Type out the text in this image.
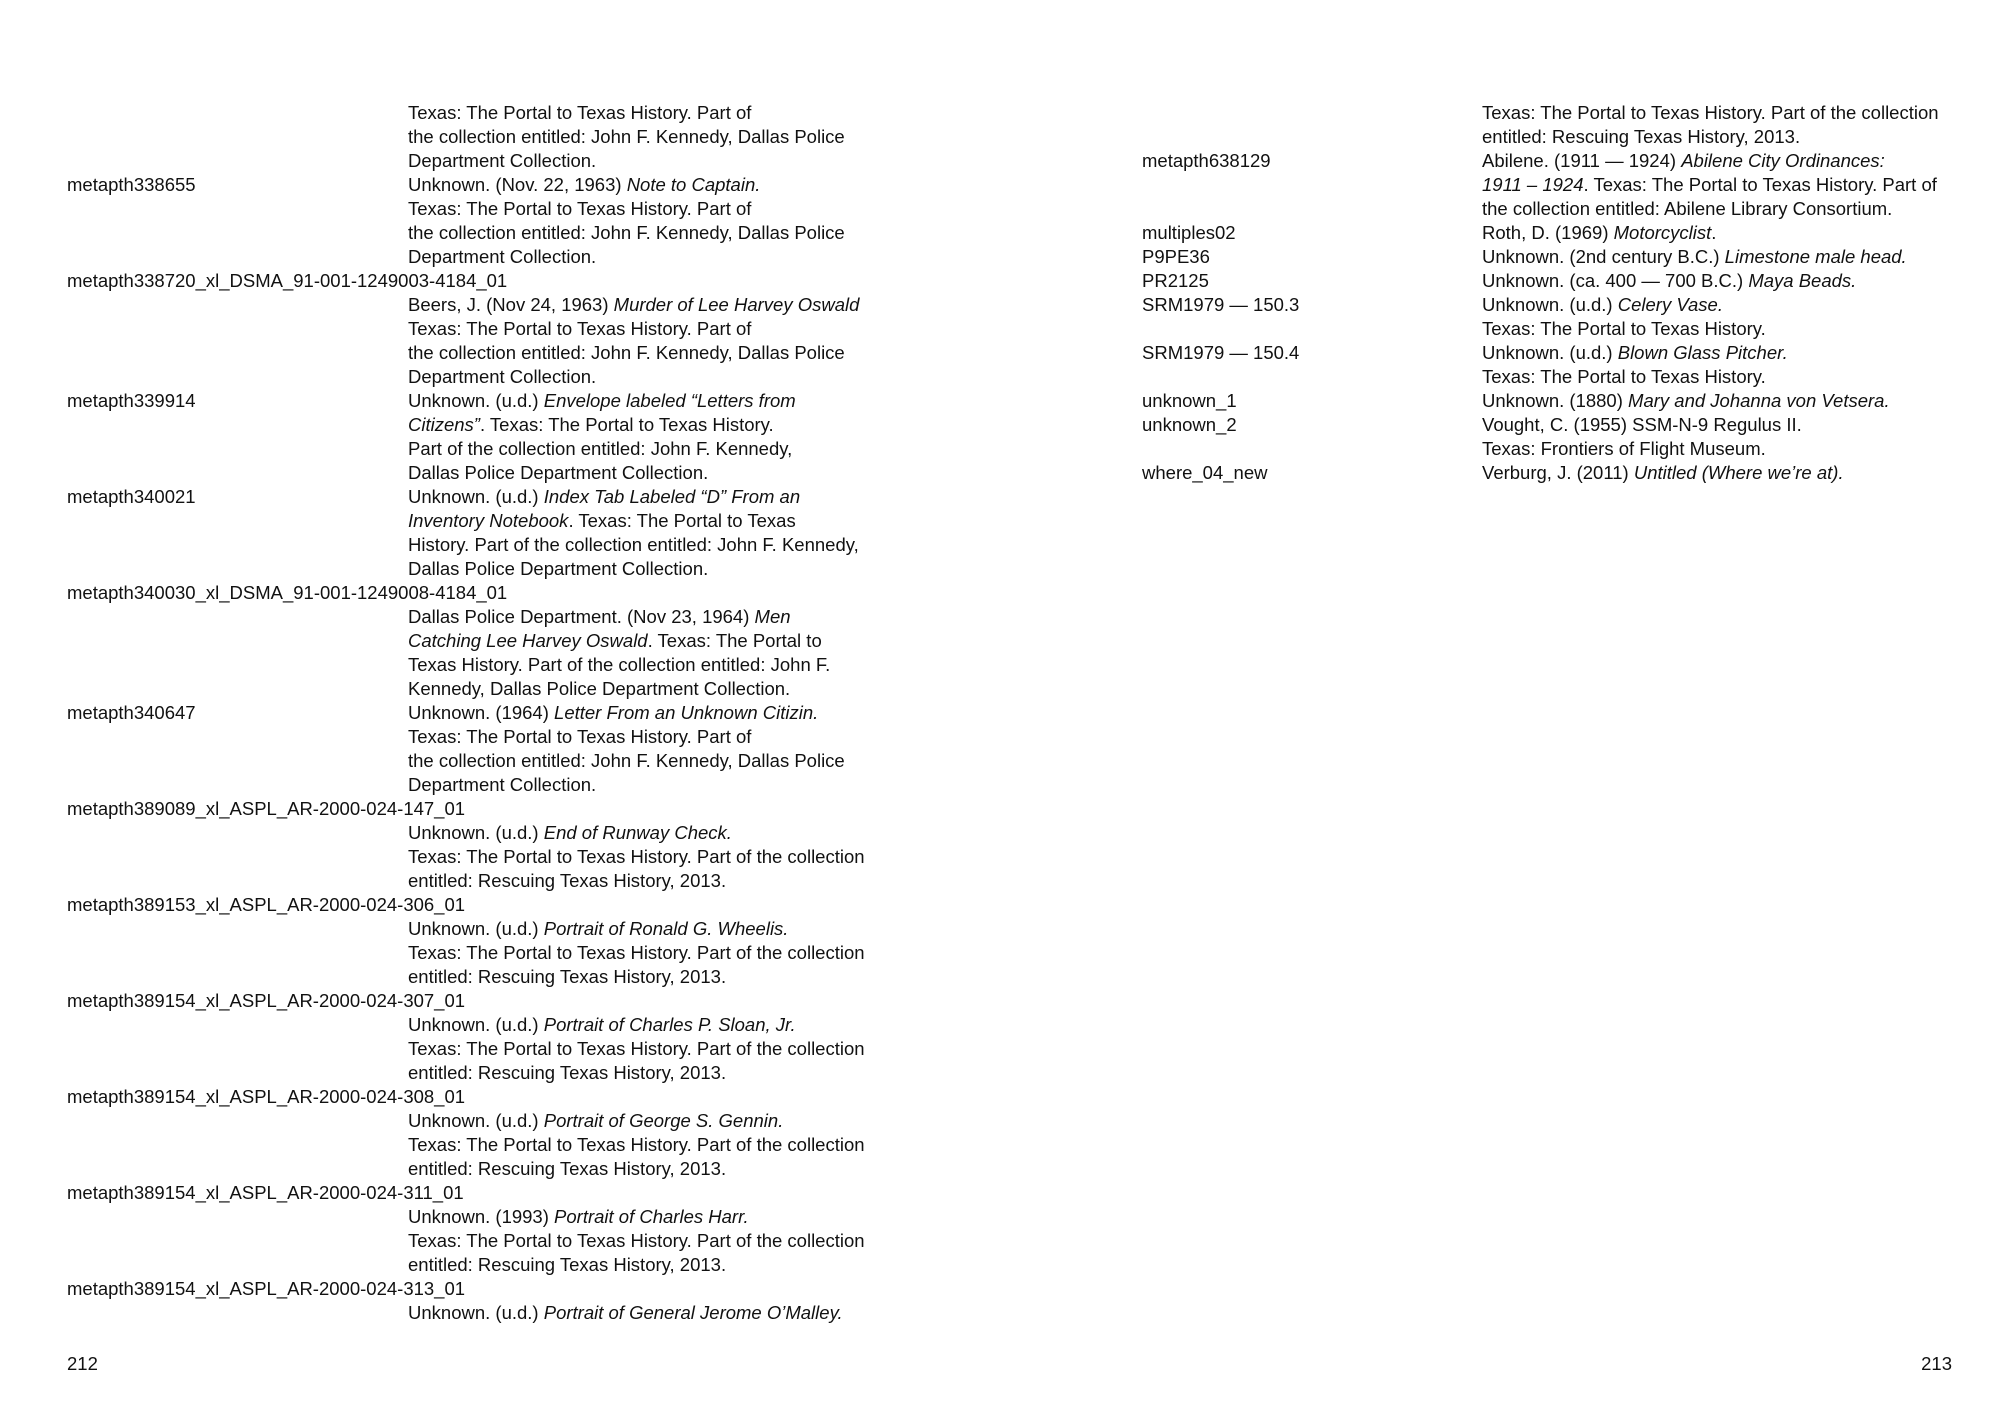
Texas: The Portal to Texas History. Part of
the collection entitled: John F. Kennedy, Dallas Police
Department Collection.
metapth338655	Unknown. (Nov. 22, 1963) Note to Captain.
Texas: The Portal to Texas History. Part of
the collection entitled: John F. Kennedy, Dallas Police
Department Collection.
metapth338720_xl_DSMA_91-001-1249003-4184_01
Beers, J. (Nov 24, 1963) Murder of Lee Harvey Oswald
Texas: The Portal to Texas History. Part of
the collection entitled: John F. Kennedy, Dallas Police
Department Collection.
metapth339914	Unknown. (u.d.) Envelope labeled “Letters from
Citizens”. Texas: The Portal to Texas History.
Part of the collection entitled: John F. Kennedy,
Dallas Police Department Collection.
metapth340021	Unknown. (u.d.) Index Tab Labeled “D” From an
Inventory Notebook. Texas: The Portal to Texas
History. Part of the collection entitled: John F. Kennedy,
Dallas Police Department Collection.
metapth340030_xl_DSMA_91-001-1249008-4184_01
Dallas Police Department. (Nov 23, 1964) Men
Catching Lee Harvey Oswald. Texas: The Portal to
Texas History. Part of the collection entitled: John F.
Kennedy, Dallas Police Department Collection.
metapth340647	Unknown. (1964) Letter From an Unknown Citizin.
Texas: The Portal to Texas History. Part of
the collection entitled: John F. Kennedy, Dallas Police
Department Collection.
metapth389089_xl_ASPL_AR-2000-024-147_01
Unknown. (u.d.) End of Runway Check.
Texas: The Portal to Texas History. Part of the collection
entitled: Rescuing Texas History, 2013.
metapth389153_xl_ASPL_AR-2000-024-306_01
Unknown. (u.d.) Portrait of Ronald G. Wheelis.
Texas: The Portal to Texas History. Part of the collection
entitled: Rescuing Texas History, 2013.
metapth389154_xl_ASPL_AR-2000-024-307_01
Unknown. (u.d.) Portrait of Charles P. Sloan, Jr.
Texas: The Portal to Texas History. Part of the collection
entitled: Rescuing Texas History, 2013.
metapth389154_xl_ASPL_AR-2000-024-308_01
Unknown. (u.d.) Portrait of George S. Gennin.
Texas: The Portal to Texas History. Part of the collection
entitled: Rescuing Texas History, 2013.
metapth389154_xl_ASPL_AR-2000-024-311_01
Unknown. (1993) Portrait of Charles Harr.
Texas: The Portal to Texas History. Part of the collection
entitled: Rescuing Texas History, 2013.
metapth389154_xl_ASPL_AR-2000-024-313_01
Unknown. (u.d.) Portrait of General Jerome O’Malley.
212
Texas: The Portal to Texas History. Part of the collection
entitled: Rescuing Texas History, 2013.
metapth638129	Abilene. (1911 — 1924) Abilene City Ordinances:
1911 – 1924. Texas: The Portal to Texas History. Part of
the collection entitled: Abilene Library Consortium.
multiples02	Roth, D. (1969) Motorcyclist.
P9PE36	Unknown. (2nd century B.C.) Limestone male head.
PR2125	Unknown. (ca. 400 — 700 B.C.) Maya Beads.
SRM1979 — 150.3	Unknown. (u.d.) Celery Vase.
Texas: The Portal to Texas History.
SRM1979 — 150.4	Unknown. (u.d.) Blown Glass Pitcher.
Texas: The Portal to Texas History.
unknown_1	Unknown. (1880) Mary and Johanna von Vetsera.
unknown_2	Vought, C. (1955) SSM-N-9 Regulus II.
Texas: Frontiers of Flight Museum.
where_04_new	Verburg, J. (2011) Untitled (Where we’re at).
213
